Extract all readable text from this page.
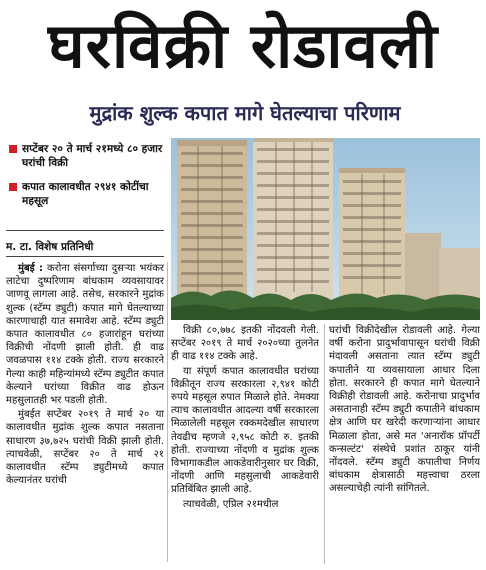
घरविक्री रोडावली
मुद्रांक शुल्क कपात मागे घेतल्याचा परिणाम
सप्टेंबर २० ते मार्च २१मध्ये ८० हजार घरांची विक्री
कपात कालावधीत २९४१ कोटींचा महसूल
म. टा. विशेष प्रतिनिधी

मुंबई : करोना संसर्गाच्या दुसऱ्या भयंकर लाटेचा दुष्परिणाम बांधकाम व्यवसायावर जाणवू लागला आहे. तसेच, सरकारने मुद्रांक शुल्क (स्टॅम्प ड्युटी) कपात मागे घेतल्याच्या कारणाचाही यात समावेश आहे. स्टॅम्प ड्युटी कपात कालावधीत ८० हजारांहून घरांच्या विक्रीची नोंदणी झाली होती. ही वाढ जवळपास ११४ टक्के होती. राज्य सरकारने गेल्या काही महिन्यांमध्ये स्टॅम्प ड्युटीत कपात केल्याने घरांच्या विक्रीत वाढ होऊन महसुलातही भर पडली होती.

मुंबईत सप्टेंबर २०१९ ते मार्च २० या कालावधीत मुद्रांक शुल्क कपात नसताना साधारण ३७,७२५ घरांची विक्री झाली होती. त्याचवेळी, सप्टेंबर २० ते मार्च २१ कालावधीत स्टॅम्प ड्युटीमध्ये कपात केल्यानंतर घरांची

विक्री ८०,७७८ इतकी नोंदवली गेली. सप्टेंबर २०१९ ते मार्च २०२०च्या तुलनेत ही वाढ ११४ टक्के आहे.

या संपूर्ण कपात कालावधीत घरांच्या विक्रीतून राज्य सरकारला २,९४१ कोटी रुपये महसूल रुपात मिळाले होते. नेमक्या त्याच कालावधीत आदल्या वर्षी सरकारला मिळालेली महसूल रक्कमदेखील साधारण तेवढीच म्हणजे २,९५८ कोटी रु. इतकी होती. राज्याच्या नोंदणी व मुद्रांक शुल्क विभागाकडील आकडेवारीनुसार घर विक्री, नोंदणी आणि महसुलाची आकडेवारी प्रतिबिंबित झाली आहे.

त्याचवेळी, एप्रिल २१मधील

घरांची विक्रीदेखील रोडावली आहे. गेल्या वर्षी करोना प्रादुर्भावापासून घरांची विक्री मंदावली असताना त्यात स्टॅम्प ड्युटी कपातीने या व्यवसायाला आधार दिला होता. सरकारने ही कपात मागे घेतल्याने विक्रीही रोडावली आहे. करोनाचा प्रादुर्भाव असतानाही स्टॅम्प ड्युटी कपातीने बांधकाम क्षेत्र आणि घर खरेदी करणाऱ्यांना आधार मिळाला होता, असे मत 'अनारॉक प्रॉपर्टी कन्सल्टंट' संस्थेचे प्रशांत ठाकूर यांनी नोंदवले. स्टॅम्प ड्युटी कपातीचा निर्णय बांधकाम क्षेत्रासाठी महत्त्वाचा ठरला असल्याचेही त्यांनी सांगितले.
